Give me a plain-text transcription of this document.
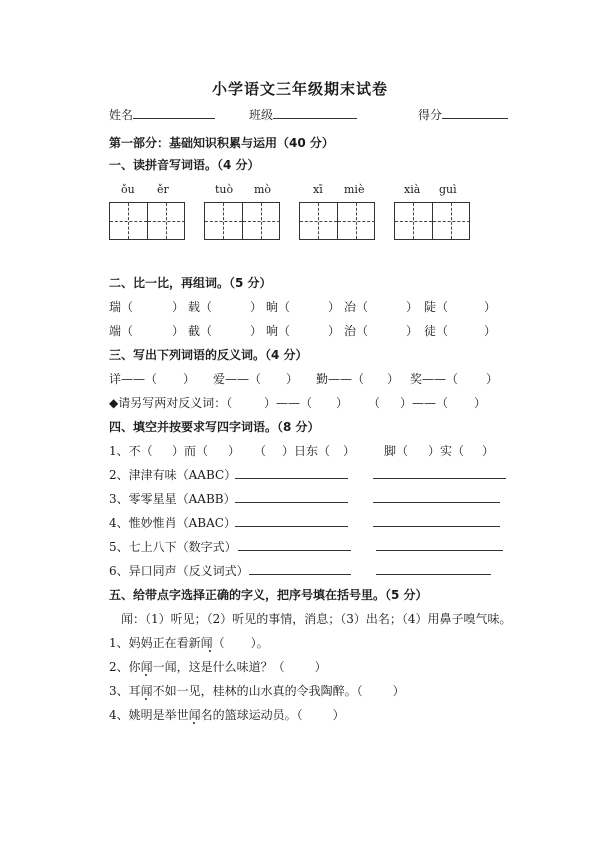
小学语文三年级期末试卷
姓名	班级	得分
第一部分：基础知识积累与运用（40 分）
一、读拼音写词语。（4 分）
ǒu ěr	tuò mò	xī miè	xià guì
二、比一比，再组词。（5 分）
瑞（	） 载（	） 晌（	） 冶（	） 陡（	）
端（	） 截（	） 响（	） 治（	） 徒（	）
三、写出下列词语的反义词。（4 分）
详——（ ） 爱——（ ） 勤——（ ） 奖——（ ）
◆请另写两对反义词：（	）——（ ） （ ）——（ ）
四、填空并按要求写四字词语。（8 分）
1、不（ ）而（ ） （ ）日东（ ） 脚（ ）实（ ）
2、津津有味（AABC）
3、零零星星（AABB）
4、惟妙惟肖（ABAC）
5、七上八下（数字式）
6、异口同声（反义词式）
五、给带点字选择正确的字义，把序号填在括号里。（5 分）
闻：（1）听见；（2）听见的事情，消息；（3）出名；（4）用鼻子嗅气味。
1、妈妈正在看新闻（ ）。
2、你闻一闻，这是什么味道？（	）
3、耳闻不如一见，桂林的山水真的令我陶醉。（	）
4、姚明是举世闻名的篮球运动员。（	）
